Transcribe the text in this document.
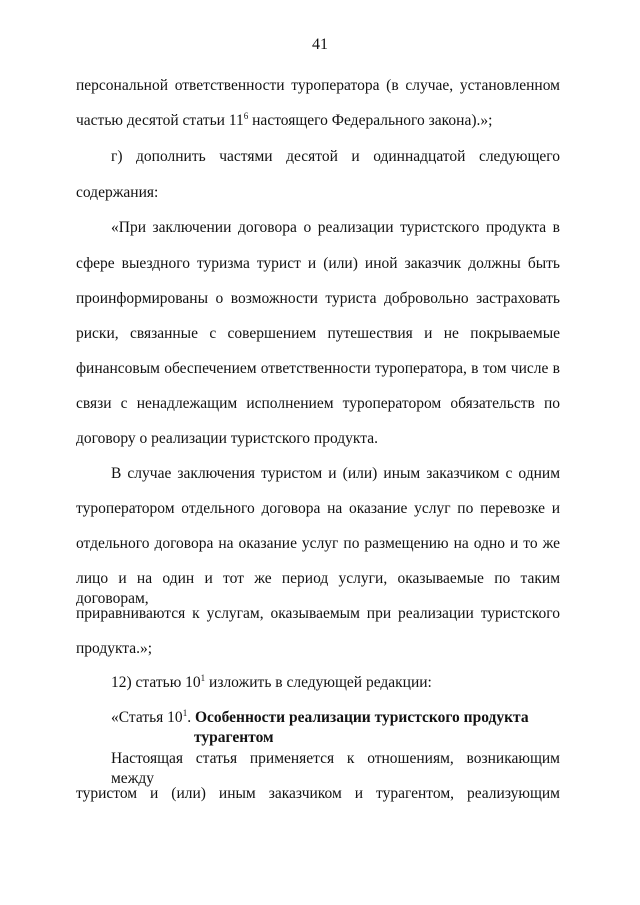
41
персональной ответственности туроператора (в случае, установленном
частью десятой статьи $11^6$ настоящего Федерального закона).»;
г) дополнить частями десятой и одиннадцатой следующего
содержания:
«При заключении договора о реализации туристского продукта в
сфере выездного туризма турист и (или) иной заказчик должны быть
проинформированы о возможности туриста добровольно застраховать
риски, связанные с совершением путешествия и не покрываемые
финансовым обеспечением ответственности туроператора, в том числе в
связи с ненадлежащим исполнением туроператором обязательств по
договору о реализации туристского продукта.
В случае заключения туристом и (или) иным заказчиком с одним
туроператором отдельного договора на оказание услуг по перевозке и
отдельного договора на оказание услуг по размещению на одно и то же
лицо и на один и тот же период услуги, оказываемые по таким договорам,
приравниваются к услугам, оказываемым при реализации туристского
продукта.»;
12) статью $10^1$ изложить в следующей редакции:
«Статья $10^1$. Особенности реализации туристского продукта
турагентом
Настоящая статья применяется к отношениям, возникающим между
туристом и (или) иным заказчиком и турагентом, реализующим
